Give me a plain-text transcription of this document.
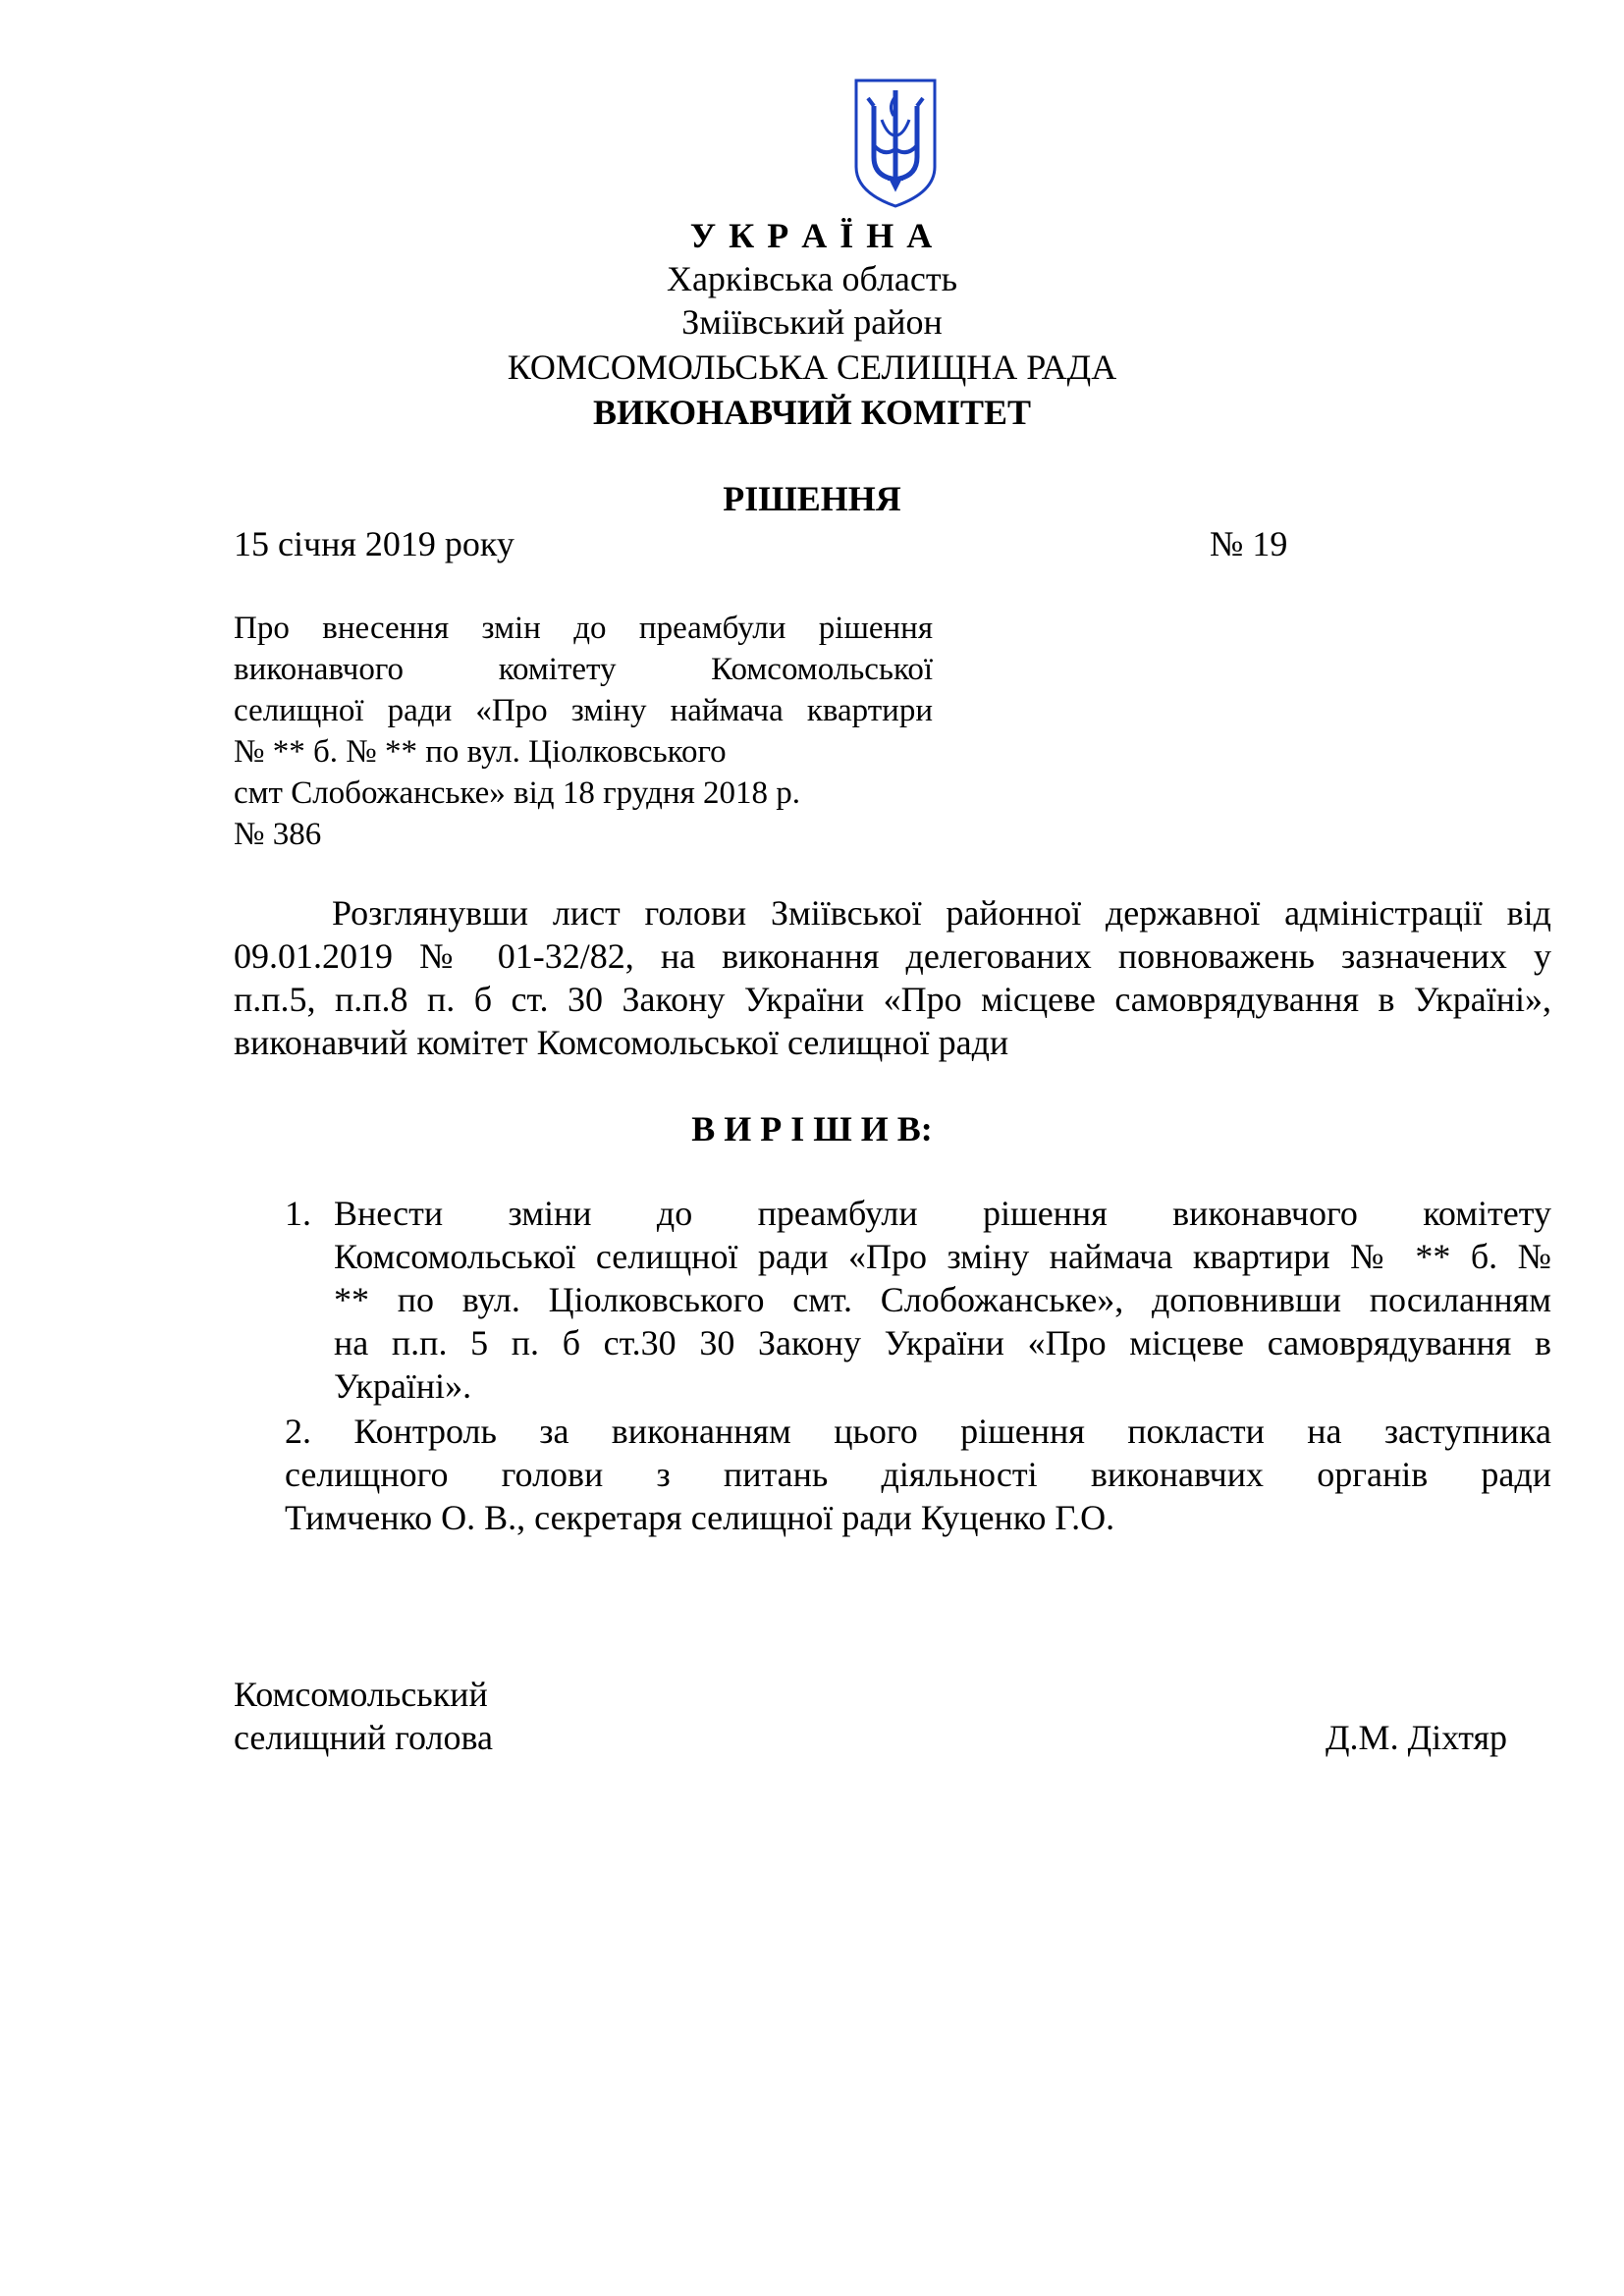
У К Р А Ї Н А
Харківська область
Зміївський район
КОМСОМОЛЬСЬКА СЕЛИЩНА РАДА
ВИКОНАВЧИЙ КОМІТЕТ
РІШЕННЯ
15 січня 2019 року	№ 19
Про внесення змін до преамбули рішення
виконавчого комітету Комсомольської
селищної ради «Про зміну наймача квартири
№ ** б. № ** по вул. Ціолковського
смт Слобожанське» від 18 грудня 2018 р.
№ 386
Розглянувши лист голови Зміївської районної державної адміністрації від
09.01.2019 № 01-32/82, на виконання делегованих повноважень зазначених у
п.п.5, п.п.8 п. б ст. 30 Закону України «Про місцеве самоврядування в Україні»,
виконавчий комітет Комсомольської селищної ради
В И Р І Ш И В:
1. Внести зміни до преамбули рішення виконавчого комітету
Комсомольської селищної ради «Про зміну наймача квартири № ** б. №
** по вул. Ціолковського смт. Слобожанське», доповнивши посиланням
на п.п. 5 п. б ст.30 30 Закону України «Про місцеве самоврядування в
Україні».
2. Контроль за виконанням цього рішення покласти на заступника
селищного голови з питань діяльності виконавчих органів ради
Тимченко О. В., секретаря селищної ради Куценко Г.О.
Комсомольський
селищний голова	Д.М. Діхтяр
